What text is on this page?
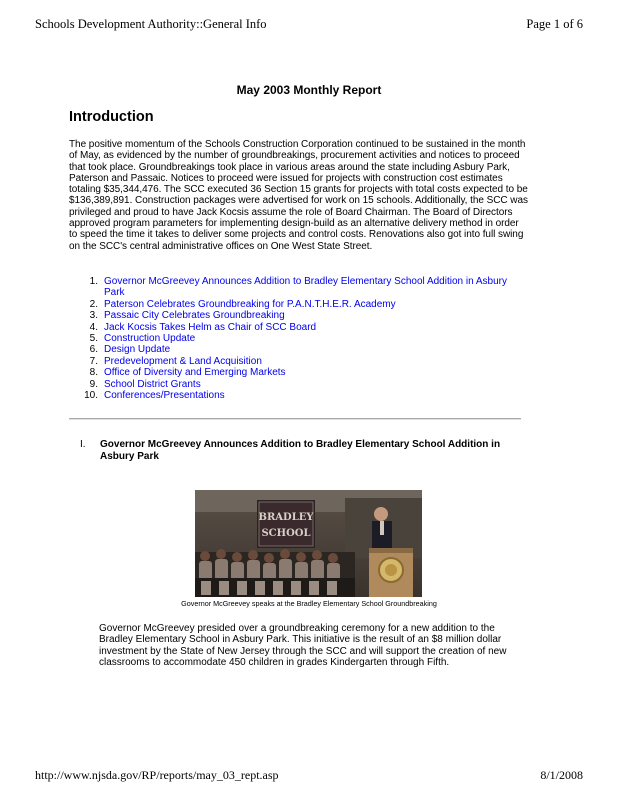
Schools Development Authority::General Info	Page 1 of 6
May 2003 Monthly Report
Introduction

The positive momentum of the Schools Construction Corporation continued to be sustained in the month of May, as evidenced by the number of groundbreakings, procurement activities and notices to proceed that took place. Groundbreakings took place in various areas around the state including Asbury Park, Paterson and Passaic. Notices to proceed were issued for projects with construction cost estimates totaling $35,344,476. The SCC executed 36 Section 15 grants for projects with total costs expected to be $136,389,891. Construction packages were advertised for work on 15 schools. Additionally, the SCC was privileged and proud to have Jack Kocsis assume the role of Board Chairman. The Board of Directors approved program parameters for implementing design-build as an alternative delivery method in order to speed the time it takes to deliver some projects and control costs. Renovations also got into full swing on the SCC's central administrative offices on One West State Street.

1. Governor McGreevey Announces Addition to Bradley Elementary School Addition in Asbury Park
2. Paterson Celebrates Groundbreaking for P.A.N.T.H.E.R. Academy
3. Passaic City Celebrates Groundbreaking
4. Jack Kocsis Takes Helm as Chair of SCC Board
5. Construction Update
6. Design Update
7. Predevelopment & Land Acquisition
8. Office of Diversity and Emerging Markets
9. School District Grants
10. Conferences/Presentations
I.	Governor McGreevey Announces Addition to Bradley Elementary School Addition in Asbury Park
BRADLEY
SCHOOL
Governor McGreevey speaks at the Bradley Elementary School Groundbreaking

Governor McGreevey presided over a groundbreaking ceremony for a new addition to the Bradley Elementary School in Asbury Park. This initiative is the result of an $8 million dollar investment by the State of New Jersey through the SCC and will support the creation of new classrooms to accommodate 450 children in grades Kindergarten through Fifth.

http://www.njsda.gov/RP/reports/may_03_rept.asp	8/1/2008
